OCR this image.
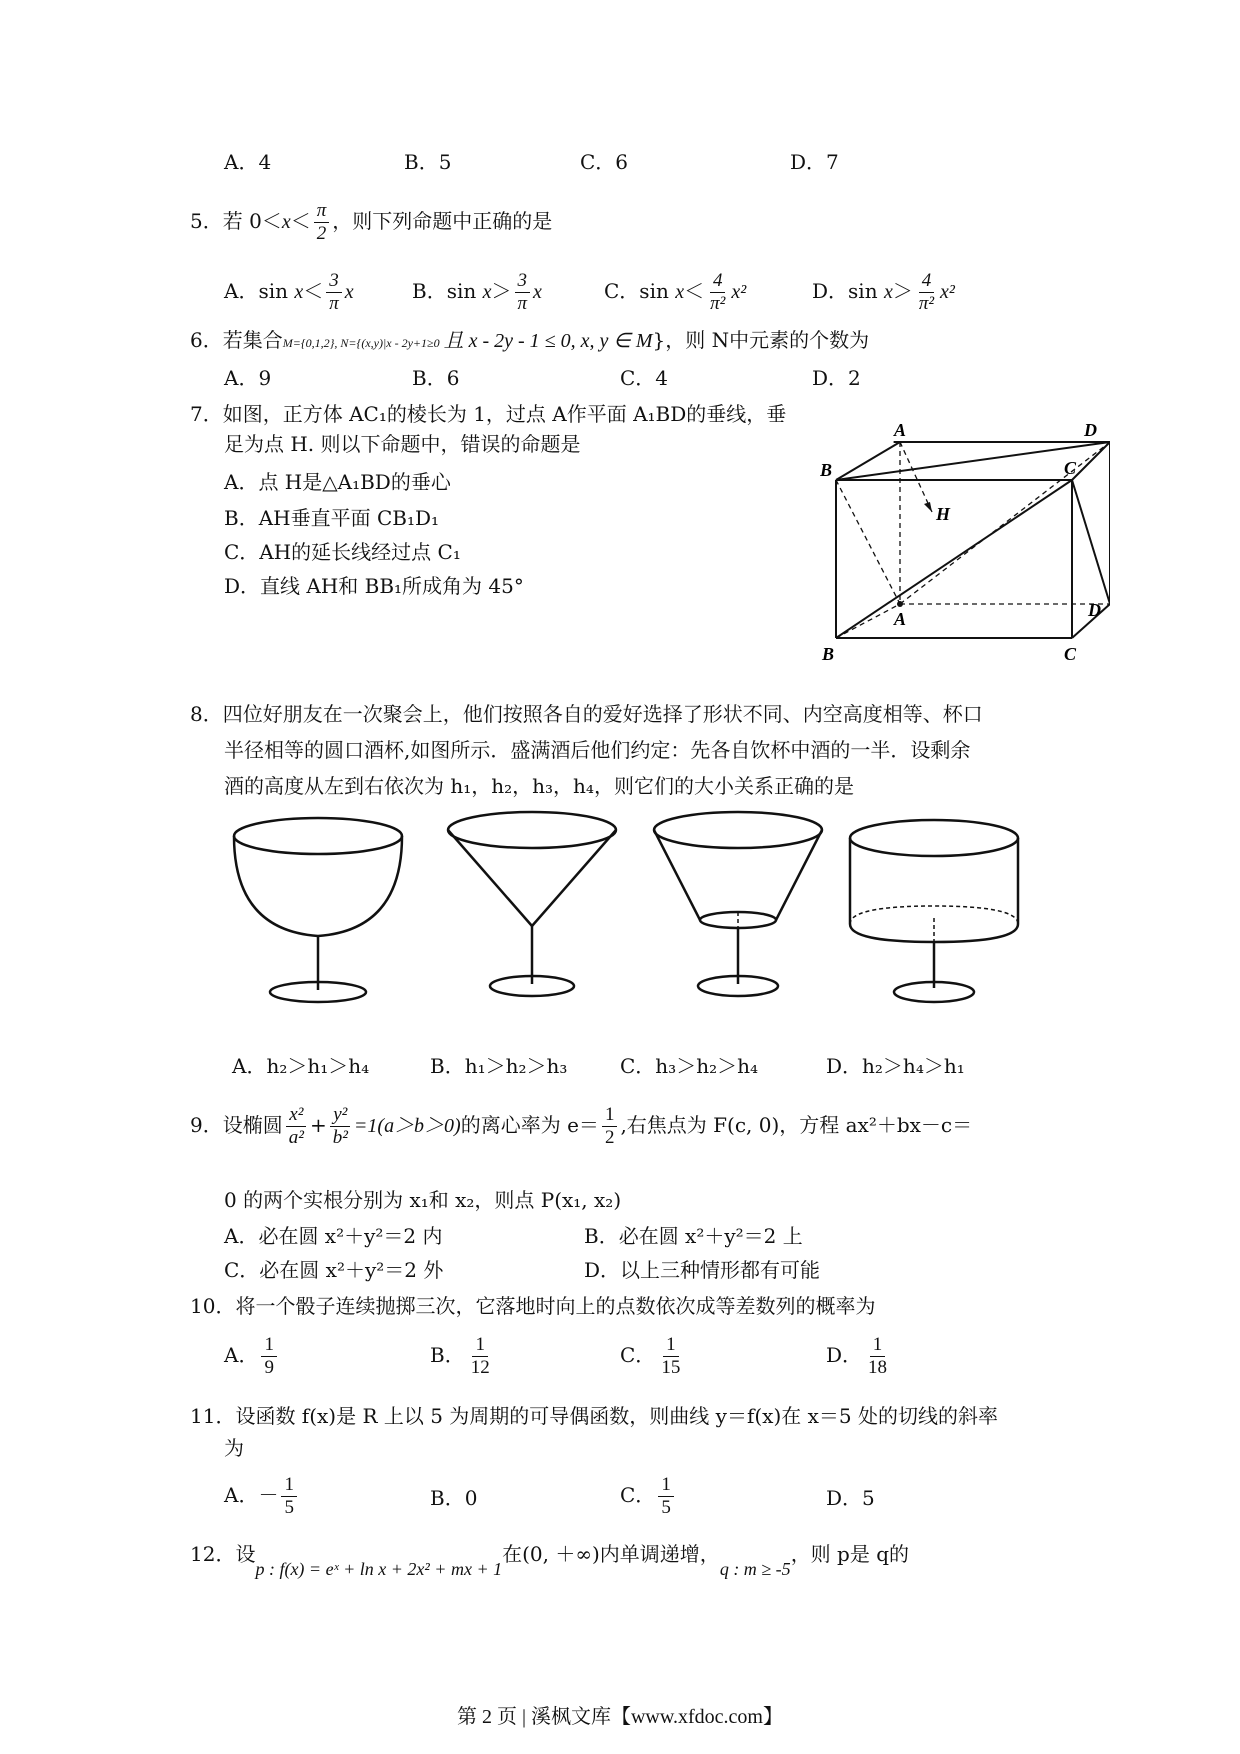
A．4	B．5	C．6	D．7
5．若 $0<x< \frac{\pi}{2}$ ，则下列命题中正确的是
A．$\sin x< \frac{3}{\pi}$ x	B．$\sin x> \frac{3}{\pi}$ x	C．$\sin x< \frac{4}{\text{π²}} x^2$	D．$\sin x> \frac{4}{\text{π²}} x^2$
6．若集合M={0,1,2}, N={(x,y)|x - 2y+1≥0 且 x - 2y - 1 ≤ 0, x, y ∈ M}，则 N中元素的个数为
A．9	B．6	C．4	D．2
7．如图，正方体 AC₁的棱长为 1，过点 A作平面 A₁BD的垂线，垂
足为点 H. 则以下命题中，错误的命题是
A．点 H是△A₁BD的垂心
B．AH垂直平面 CB₁D₁
C．AH的延长线经过点 C₁
D．直线 AH和 BB₁所成角为 45°
A
B	C
D
H
A
B	C
D
8．四位好朋友在一次聚会上，他们按照各自的爱好选择了形状不同、内空高度相等、杯口
半径相等的圆口酒杯,如图所示．盛满酒后他们约定：先各自饮杯中酒的一半．设剩余
酒的高度从左到右依次为 h₁，h₂，h₃，h₄，则它们的大小关系正确的是
A．h₂＞h₁＞h₄	B．h₁＞h₂＞h₃	C．h₃＞h₂＞h₄	D．h₂＞h₄＞h₁
9．设椭圆 $\frac{\text{x²}}{\text{a²}} + \frac{\text{y²}}{\text{b²}} =1(a>b>0)$的离心率为 $e= \frac{1}{2}$ ,右焦点为 F(c, 0)，方程 ax²＋bx－c＝
0 的两个实根分别为 x₁和 x₂，则点 P(x₁, x₂)
A．必在圆 x²＋y²＝2 内	B．必在圆 x²＋y²＝2 上
C．必在圆 x²＋y²＝2 外	D．以上三种情形都有可能
10．将一个骰子连续抛掷三次，它落地时向上的点数依次成等差数列的概率为
A． $\frac{1}{9}$	B． $\frac{1}{12}$	C． $\frac{1}{15}$	D． $\frac{1}{18}$
11．设函数 f(x)是 R 上以 5 为周期的可导偶函数，则曲线 y＝f(x)在 x＝5 处的切线的斜率
为
A．－ $\frac{1}{5}$	B．0	C． $\frac{1}{5}$	D．5
12．设p : f(x) = eˣ + ln x + 2x² + mx + 1在(0, ＋∞)内单调递增，q : m ≥ -5，则 p是 q的
第 2 页 | 溪枫文库【www.xfdoc.com】
